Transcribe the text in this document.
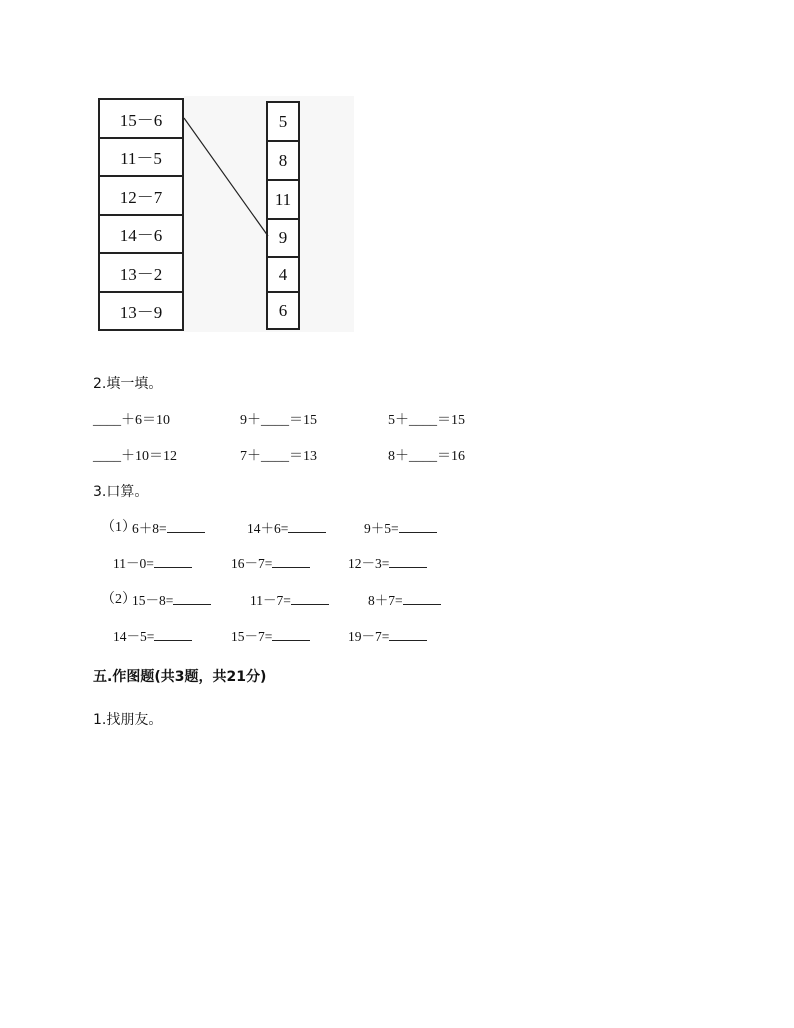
15－6
11－5
12－7
14－6
13－2
13－9
5
8
11
9
4
6
2.填一填。
____＋6＝10	9＋____＝15	5＋____＝15
____＋10＝12	7＋____＝13	8＋____＝16
3.口算。
（1）
6＋8=	14＋6=	9＋5=
11－0=	16－7=	12－3=
（2）
15－8=	11－7=	8＋7=
14－5=	15－7=	19－7=
五.作图题(共3题，共21分)
1.找朋友。
